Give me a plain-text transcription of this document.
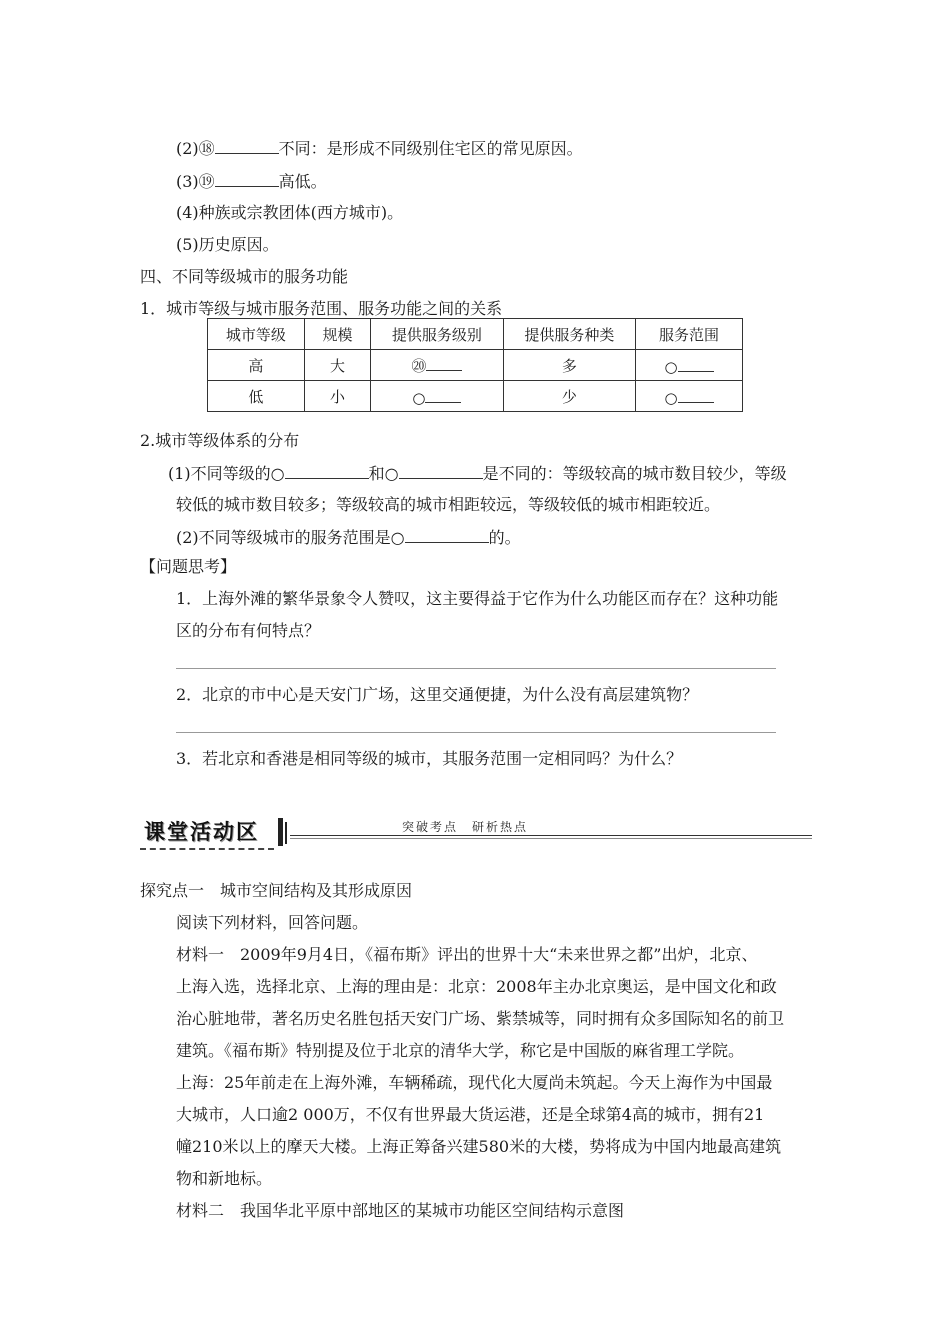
(2)⑱	不同：是形成不同级别住宅区的常见原因。
(3)⑲	高低。
(4)种族或宗教团体(西方城市)。
(5)历史原因。
四、不同等级城市的服务功能
1．城市等级与城市服务范围、服务功能之间的关系
城市等级	规模	提供服务级别	提供服务种类	服务范围
高	大	⑳	多	○
低	小	○	少	○
2.城市等级体系的分布
(1)不同等级的○	和○	是不同的：等级较高的城市数目较少，等级
较低的城市数目较多；等级较高的城市相距较远，等级较低的城市相距较近。
(2)不同等级城市的服务范围是○	的。
【问题思考】
1．上海外滩的繁华景象令人赞叹，这主要得益于它作为什么功能区而存在？这种功能
区的分布有何特点？
2．北京的市中心是天安门广场，这里交通便捷，为什么没有高层建筑物？
3．若北京和香港是相同等级的城市，其服务范围一定相同吗？为什么？
课堂活动区	突破考点　研析热点
探究点一　城市空间结构及其形成原因
阅读下列材料，回答问题。
材料一　2009年9月4日，《福布斯》评出的世界十大“未来世界之都”出炉，北京、
上海入选，选择北京、上海的理由是：北京：2008年主办北京奥运，是中国文化和政
治心脏地带，著名历史名胜包括天安门广场、紫禁城等，同时拥有众多国际知名的前卫
建筑。《福布斯》特别提及位于北京的清华大学，称它是中国版的麻省理工学院。
上海：25年前走在上海外滩，车辆稀疏，现代化大厦尚未筑起。今天上海作为中国最
大城市，人口逾2 000万，不仅有世界最大货运港，还是全球第4高的城市，拥有21
幢210米以上的摩天大楼。上海正筹备兴建580米的大楼，势将成为中国内地最高建筑
物和新地标。
材料二　我国华北平原中部地区的某城市功能区空间结构示意图
